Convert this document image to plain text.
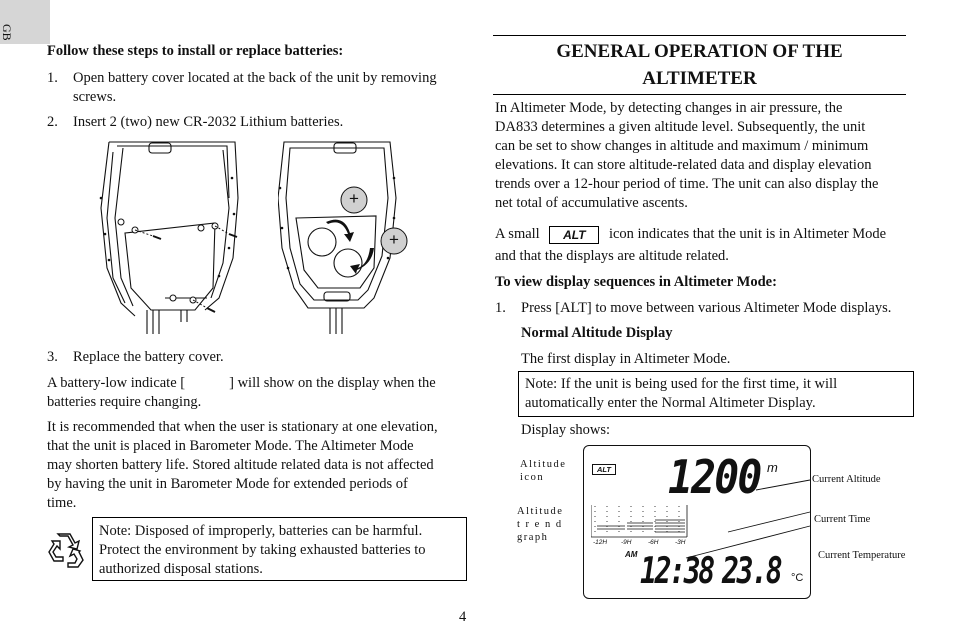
GB
Follow these steps to install or replace batteries:
1. Open battery cover located at the back of the unit by removing
screws.
2. Insert 2 (two) new CR-2032 Lithium batteries.
+
+
3. Replace the battery cover.
A battery-low indicate [	] will show on the display when the
batteries require changing.
It is recommended that when the user is stationary at one elevation,
that the unit is placed in Barometer Mode. The Altimeter Mode
may shorten battery life. Stored altitude related data is not affected
by having the unit in Barometer Mode for extended periods of
time.
Note: Disposed of improperly, batteries can be harmful.
Protect the environment by taking exhausted batteries to
authorized disposal stations.
4
GENERAL OPERATION OF THE
ALTIMETER
In Altimeter Mode, by detecting changes in air pressure, the
DA833 determines a given altitude level. Subsequently, the unit
can be set to show changes in altitude and maximum / minimum
elevations. It can store altitude-related data and display elevation
trends over a 12-hour period of time. The unit can also display the
net total of accumulative ascents.
A small ALT icon indicates that the unit is in Altimeter Mode
and that the displays are altitude related.
To view display sequences in Altimeter Mode:
1. Press [ALT] to move between various Altimeter Mode displays.
Normal Altitude Display
The first display in Altimeter Mode.
Note: If the unit is being used for the first time, it will
automatically enter the Normal Altimeter Display.
Display shows:
Altitude
icon
Altitude
t r e n d
graph
ALT 1200 m
-12H -9H	-6H	-3H
AM 12:38 23.8 °C
Current Altitude
Current Time
Current Temperature
